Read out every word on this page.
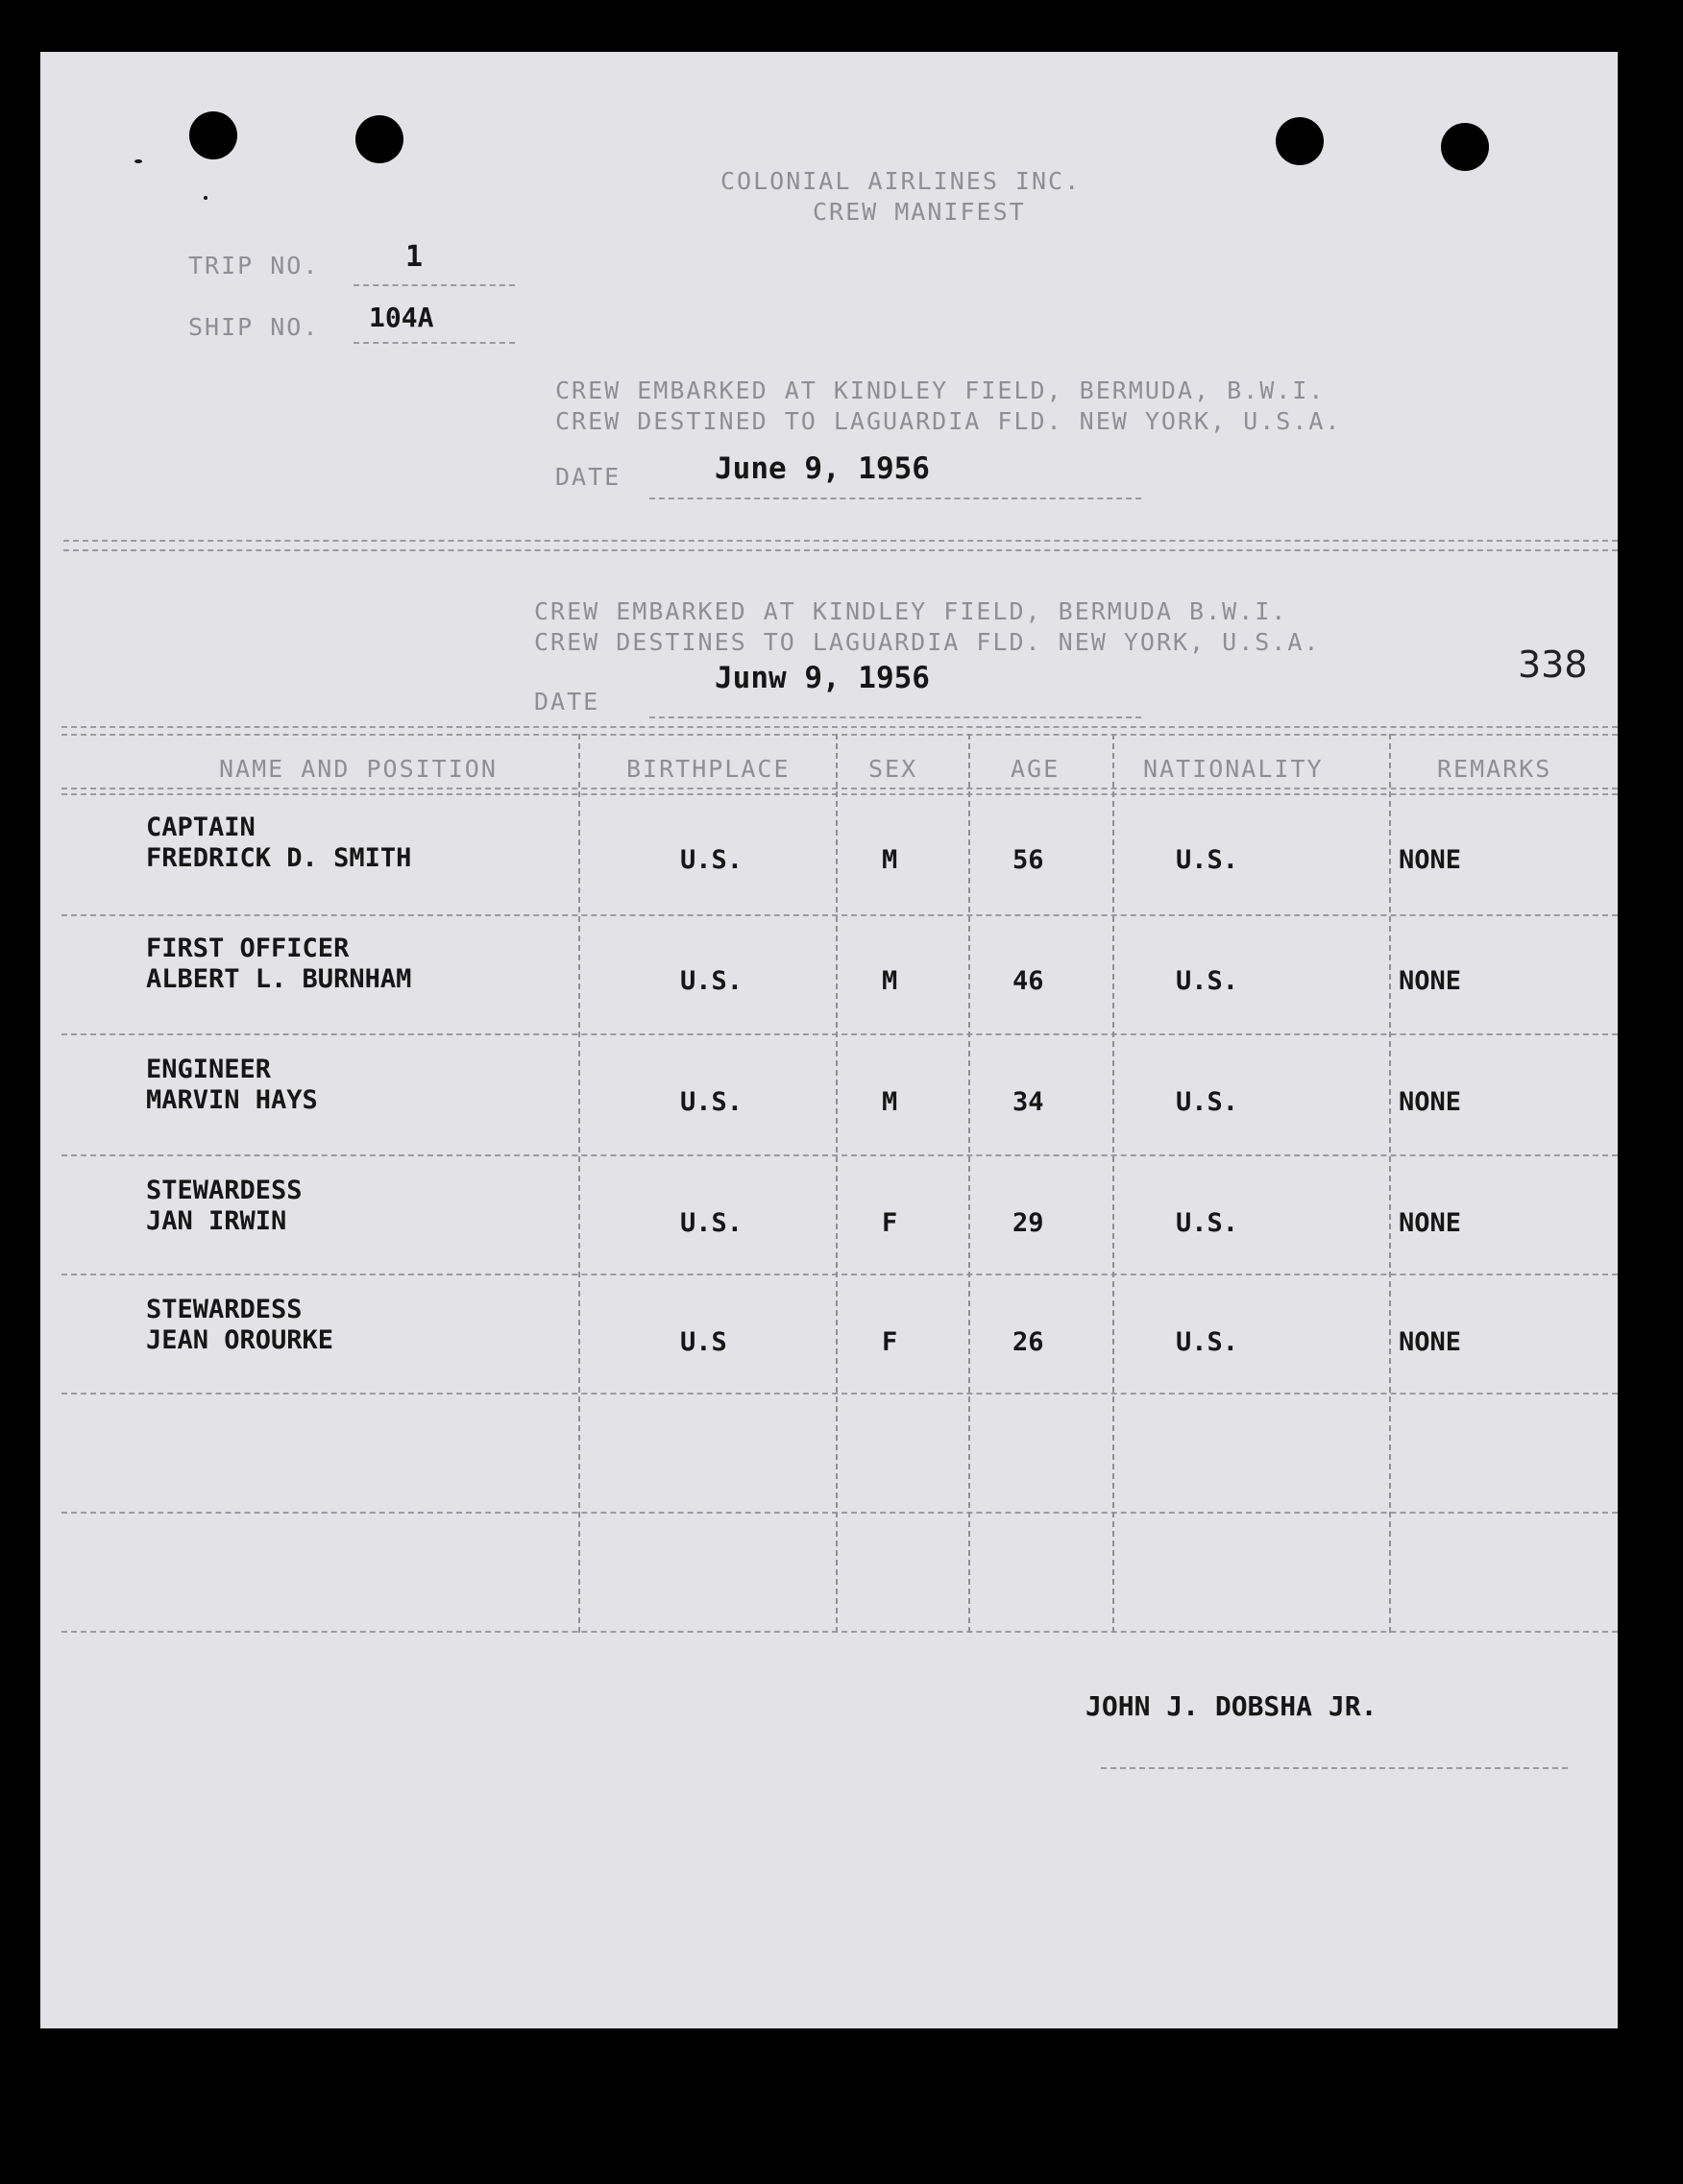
COLONIAL AIRLINES INC.
CREW MANIFEST
TRIP NO.	1
SHIP NO. 104A
CREW EMBARKED AT KINDLEY FIELD, BERMUDA, B.W.I.
CREW DESTINED TO LAGUARDIA FLD. NEW YORK, U.S.A.
DATE	June 9, 1956
CREW EMBARKED AT KINDLEY FIELD, BERMUDA B.W.I.
CREW DESTINES TO LAGUARDIA FLD. NEW YORK, U.S.A.
DATE
Junw 9, 1956	338
NAME AND POSITION	BIRTHPLACE	SEX	AGE	NATIONALITY	REMARKS
CAPTAIN
FREDRICK D. SMITH	U.S.	M	56	U.S.	NONE
FIRST OFFICER
ALBERT L. BURNHAM	U.S.	M	46	U.S.	NONE
ENGINEER
MARVIN HAYS	U.S.	M	34	U.S.	NONE
STEWARDESS
JAN IRWIN	U.S.	F	29	U.S.	NONE
STEWARDESS
JEAN OROURKE	U.S	F	26	U.S.	NONE
JOHN J. DOBSHA JR.
